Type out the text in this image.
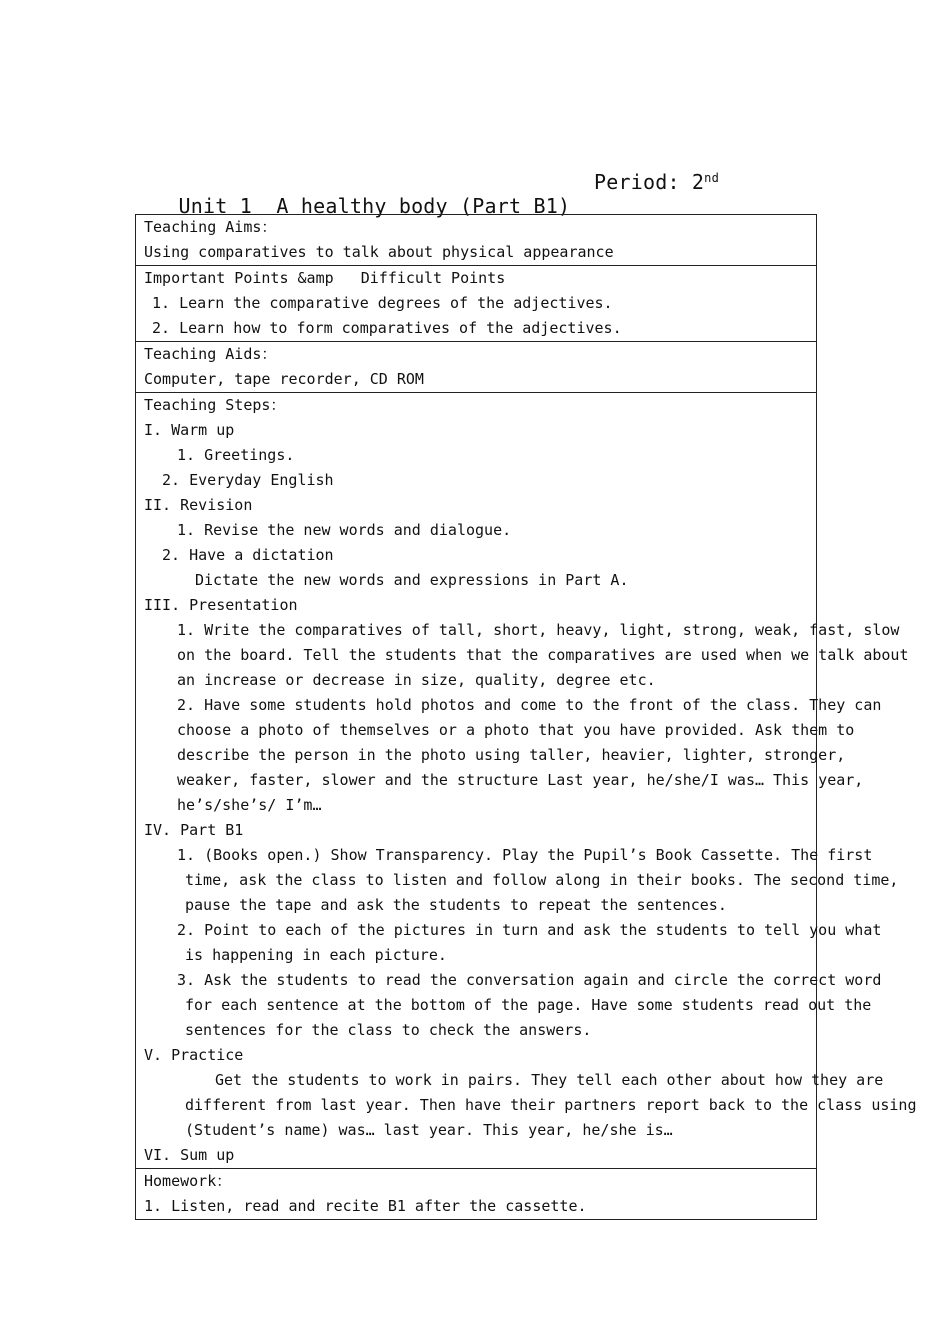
Unit 1  A healthy body (Part B1)

Period: 2nd

Teaching Aims：
Using comparatives to talk about physical appearance
Important Points &amp   Difficult Points
1. Learn the comparative degrees of the adjectives.
2. Learn how to form comparatives of the adjectives.
Teaching Aids：
Computer, tape recorder, CD ROM
Teaching Steps：
I. Warm up
1. Greetings.
2. Everyday English
II. Revision
1. Revise the new words and dialogue.
2. Have a dictation
Dictate the new words and expressions in Part A.
III. Presentation
1. Write the comparatives of tall, short, heavy, light, strong, weak, fast, slow
on the board. Tell the students that the comparatives are used when we talk about
an increase or decrease in size, quality, degree etc.
2. Have some students hold photos and come to the front of the class. They can
choose a photo of themselves or a photo that you have provided. Ask them to
describe the person in the photo using taller, heavier, lighter, stronger,
weaker, faster, slower and the structure Last year, he/she/I was… This year,
he’s/she’s/ I’m…
IV. Part B1
1. (Books open.) Show Transparency. Play the Pupil’s Book Cassette. The first
time, ask the class to listen and follow along in their books. The second time,
pause the tape and ask the students to repeat the sentences.
2. Point to each of the pictures in turn and ask the students to tell you what
is happening in each picture.
3. Ask the students to read the conversation again and circle the correct word
for each sentence at the bottom of the page. Have some students read out the
sentences for the class to check the answers.
V. Practice
Get the students to work in pairs. They tell each other about how they are
different from last year. Then have their partners report back to the class using
(Student’s name) was… last year. This year, he/she is…
VI. Sum up
Homework：
1. Listen, read and recite B1 after the cassette.
